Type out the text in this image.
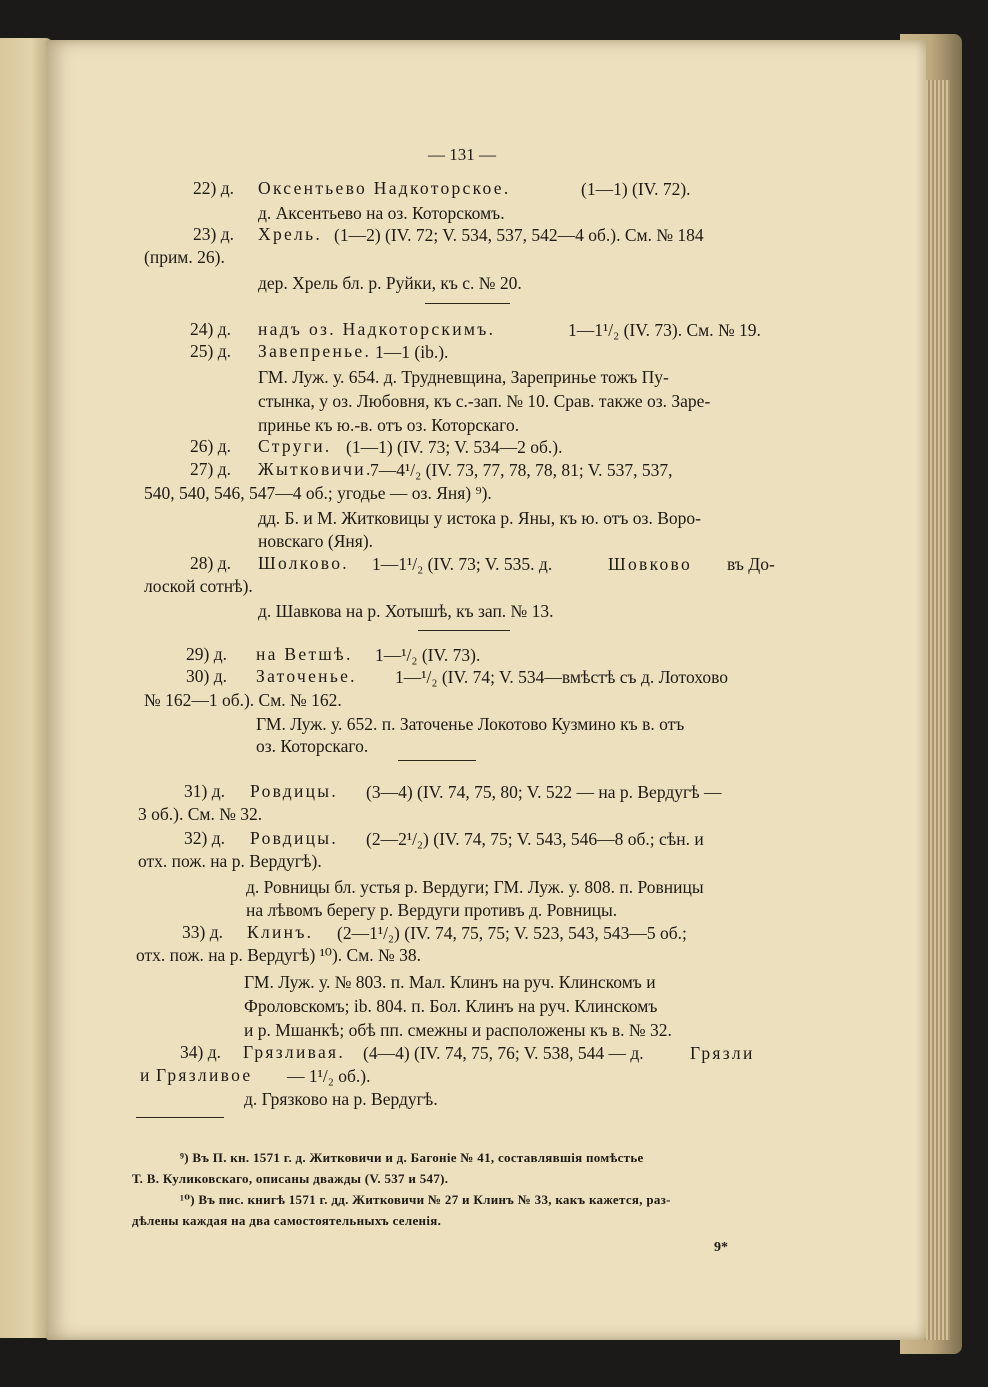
— 131 —
22) д. Оксентьево Надкоторское.	(1—1) (IV. 72).
д. Аксентьево на оз. Которскомъ.
23) д. Хрель. (1—2) (IV. 72; V. 534, 537, 542—4 об.). См. № 184
(прим. 26).
дер. Хрель бл. р. Руйки, къ с. № 20.
24) д. надъ оз. Надкоторскимъ.	1—1¹/₂ (IV. 73). См. № 19.
25) д. Завепренье. 1—1 (ib.).
ГМ. Луж. у. 654. д. Трудневщина, Зареприньe тожъ Пу-
стынка, у оз. Любовня, къ с.-зап. № 10. Срав. также оз. Заре-
принье къ ю.-в. отъ оз. Которскаго.
26) д. Струги. (1—1) (IV. 73; V. 534—2 об.).
27) д. Жытковичи.
7—4¹/₂ (IV. 73, 77, 78, 78, 81; V. 537, 537,
540, 540, 546, 547—4 об.; угодье — оз. Яня) ⁹).
дд. Б. и М. Житковицы у истока р. Яны, къ ю. отъ оз. Воро-
новскаго (Яня).
28) д. Шолково. 1—1¹/₂ (IV. 73; V. 535. д.	Шовково въ До-
лоской сотнѣ).
д. Шавкова на р. Хотышѣ, къ зап. № 13.
29) д. на Ветшѣ. 1—¹/₂ (IV. 73).
30) д. Заточенье. 1—¹/₂ (IV. 74; V. 534—вмѣстѣ съ д. Лотохово
№ 162—1 об.). См. № 162.
ГМ. Луж. у. 652. п. Заточенье Локотово Кузмино къ в. отъ
оз. Которскаго.
31) д. Ровдицы. (3—4) (IV. 74, 75, 80; V. 522 — на р. Вердугѣ —
3 об.). См. № 32.
32) д. Ровдицы. (2—2¹/₂) (IV. 74, 75; V. 543, 546—8 об.; сѣн. и
отх. пож. на р. Вердугѣ).
д. Ровницы бл. устья р. Вердуги; ГМ. Луж. у. 808. п. Ровницы
на лѣвомъ берегу р. Вердуги противъ д. Ровницы.
33) д. Клинъ. (2—1¹/₂) (IV. 74, 75, 75; V. 523, 543, 543—5 об.;
отх. пож. на р. Вердугѣ) ¹⁰). См. № 38.
ГМ. Луж. у. № 803. п. Мал. Клинъ на руч. Клинскомъ и
Фроловскомъ; ib. 804. п. Бол. Клинъ на руч. Клинскомъ
и р. Мшанкѣ; обѣ пп. смежны и расположены къ в. № 32.
34) д. Грязливая. (4—4) (IV. 74, 75, 76; V. 538, 544 — д.	Грязли
и Грязливое — 1¹/₂ об.).
д. Грязково на р. Вердугѣ.
⁹) Въ П. кн. 1571 г. д. Житковичи и д. Багоніе № 41, составлявшія помѣстье
Т. В. Куликовскаго, описаны дважды (V. 537 и 547).
¹⁰) Въ пис. книгѣ 1571 г. дд. Житковичи № 27 и Клинъ № 33, какъ кажется, раз-
дѣлены каждая на два самостоятельныхъ селенія.
9*
